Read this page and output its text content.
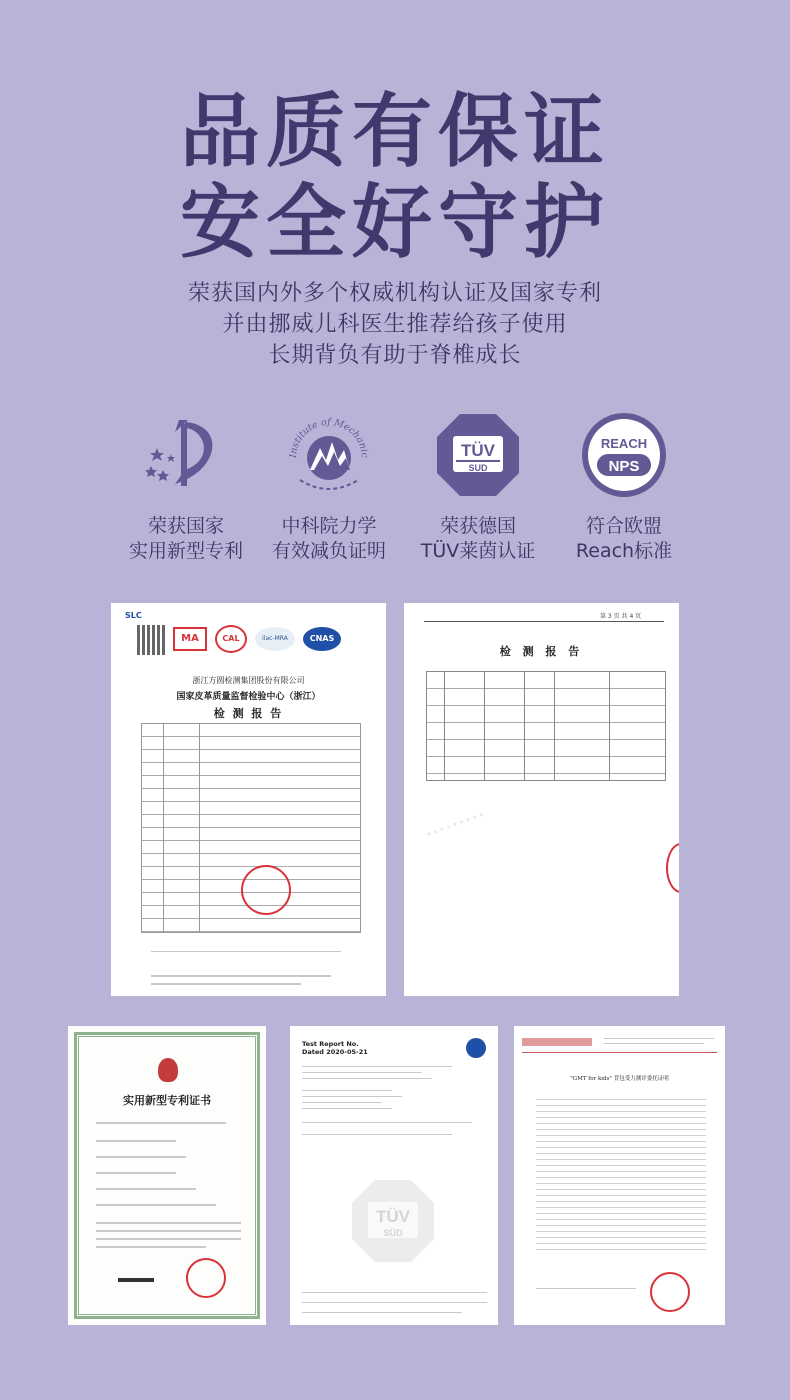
品质有保证
安全好守护
荣获国内外多个权威机构认证及国家专利
并由挪威儿科医生推荐给孩子使用
长期背负有助于脊椎成长
荣获国家
实用新型专利
Institute of Mechanic
中科院力学
有效减负证明
TÜV
SUD
荣获德国
TÜV莱茵认证
REACH
NPS
符合欧盟
Reach标准
SLC
MA	CAL	ilac-MRA	CNAS
浙江方圆检测集团股份有限公司
国家皮革质量监督检验中心（浙江）
检 测 报 告
第 3 页 共 4 页
检 测 报 告
·········
实用新型专利证书
Test Report No.
Dated 2020-05-21
TÜV
SÜD
"GMT for kids" 背包受力测评委托证明
